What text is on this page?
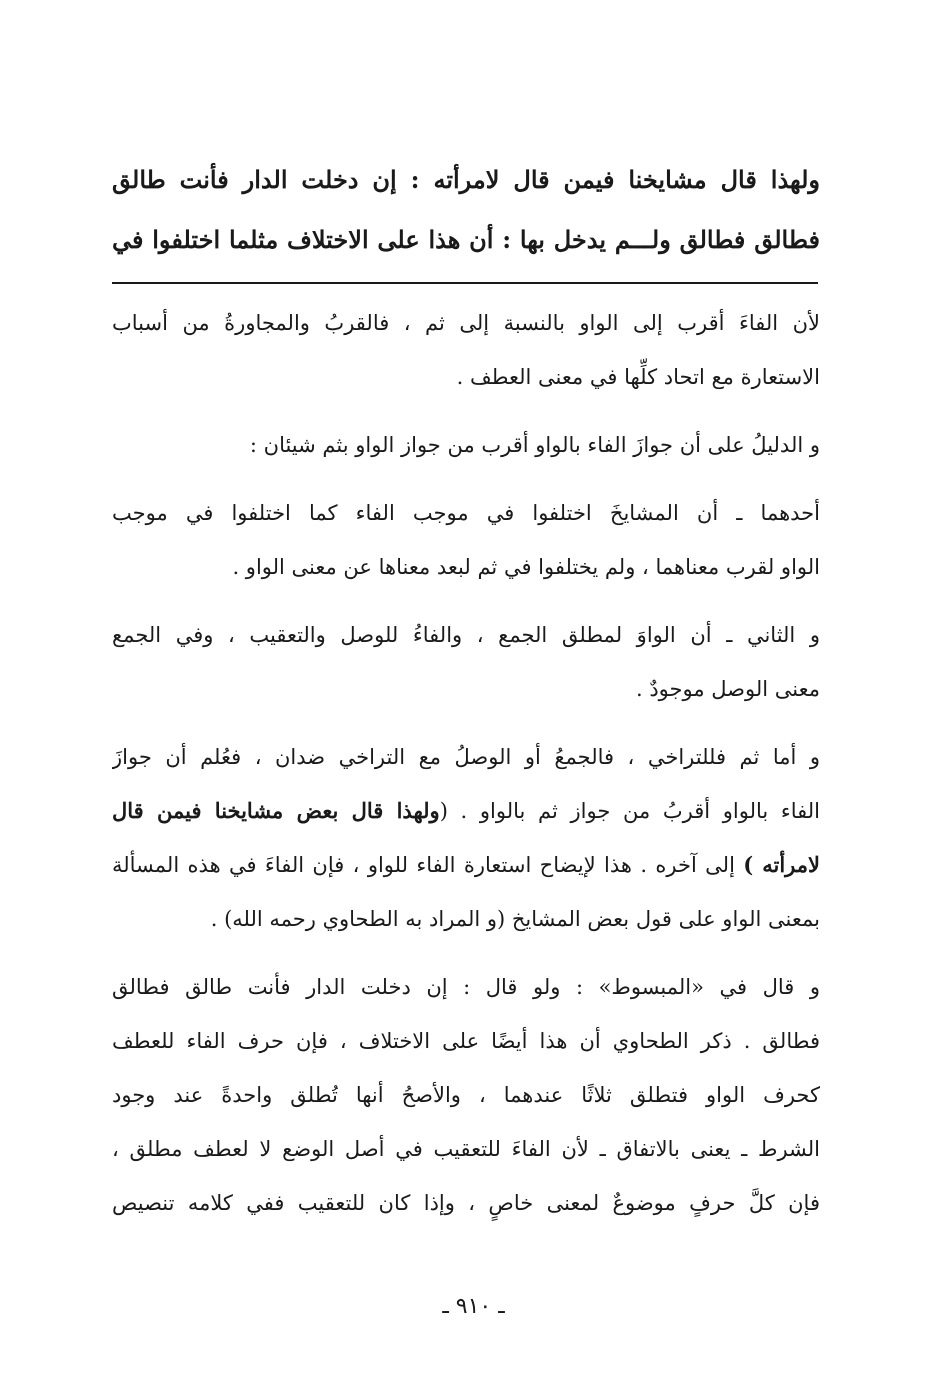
ولهذا قال مشايخنا فيمن قال لامرأته : إن دخلت الدار فأنت طالق
فطالق فطالق ولـــم يدخل بها : أن هذا على الاختلاف مثلما اختلفوا في
لأن الفاءَ أقرب إلى الواو بالنسبة إلى ثم ، فالقربُ والمجاورةُ من أسباب
الاستعارة مع اتحاد كلِّها في معنى العطف .
و الدليلُ على أن جوازَ الفاء بالواو أقرب من جواز الواو بثم شيئان :
أحدهما ـ أن المشايخَ اختلفوا في موجب الفاء كما اختلفوا في موجب
الواو لقرب معناهما ، ولم يختلفوا في ثم لبعد معناها عن معنى الواو .
و الثاني ـ أن الواوَ لمطلق الجمع ، والفاءُ للوصل والتعقيب ، وفي الجمع
معنى الوصل موجودٌ .
و أما ثم فللتراخي ، فالجمعُ أو الوصلُ مع التراخي ضدان ، فعُلم أن جوازَ
الفاء بالواو أقربُ من جواز ثم بالواو . (ولهذا قال بعض مشايخنا فيمن قال
لامرأته ) إلى آخره . هذا لإيضاح استعارة الفاء للواو ، فإن الفاءَ في هذه المسألة
بمعنى الواو على قول بعض المشايخ (و المراد به الطحاوي رحمه الله) .
و قال في «المبسوط» : ولو قال : إن دخلت الدار فأنت طالق فطالق
فطالق . ذكر الطحاوي أن هذا أيضًا على الاختلاف ، فإن حرف الفاء للعطف
كحرف الواو فتطلق ثلاثًا عندهما ، والأصحُ أنها تُطلق واحدةً عند وجود
الشرط ـ يعنى بالاتفاق ـ لأن الفاءَ للتعقيب في أصل الوضع لا لعطف مطلق ،
فإن كلَّ حرفٍ موضوعٌ لمعنى خاصٍ ، وإذا كان للتعقيب ففي كلامه تنصيص
ـ ٩١٠ ـ
